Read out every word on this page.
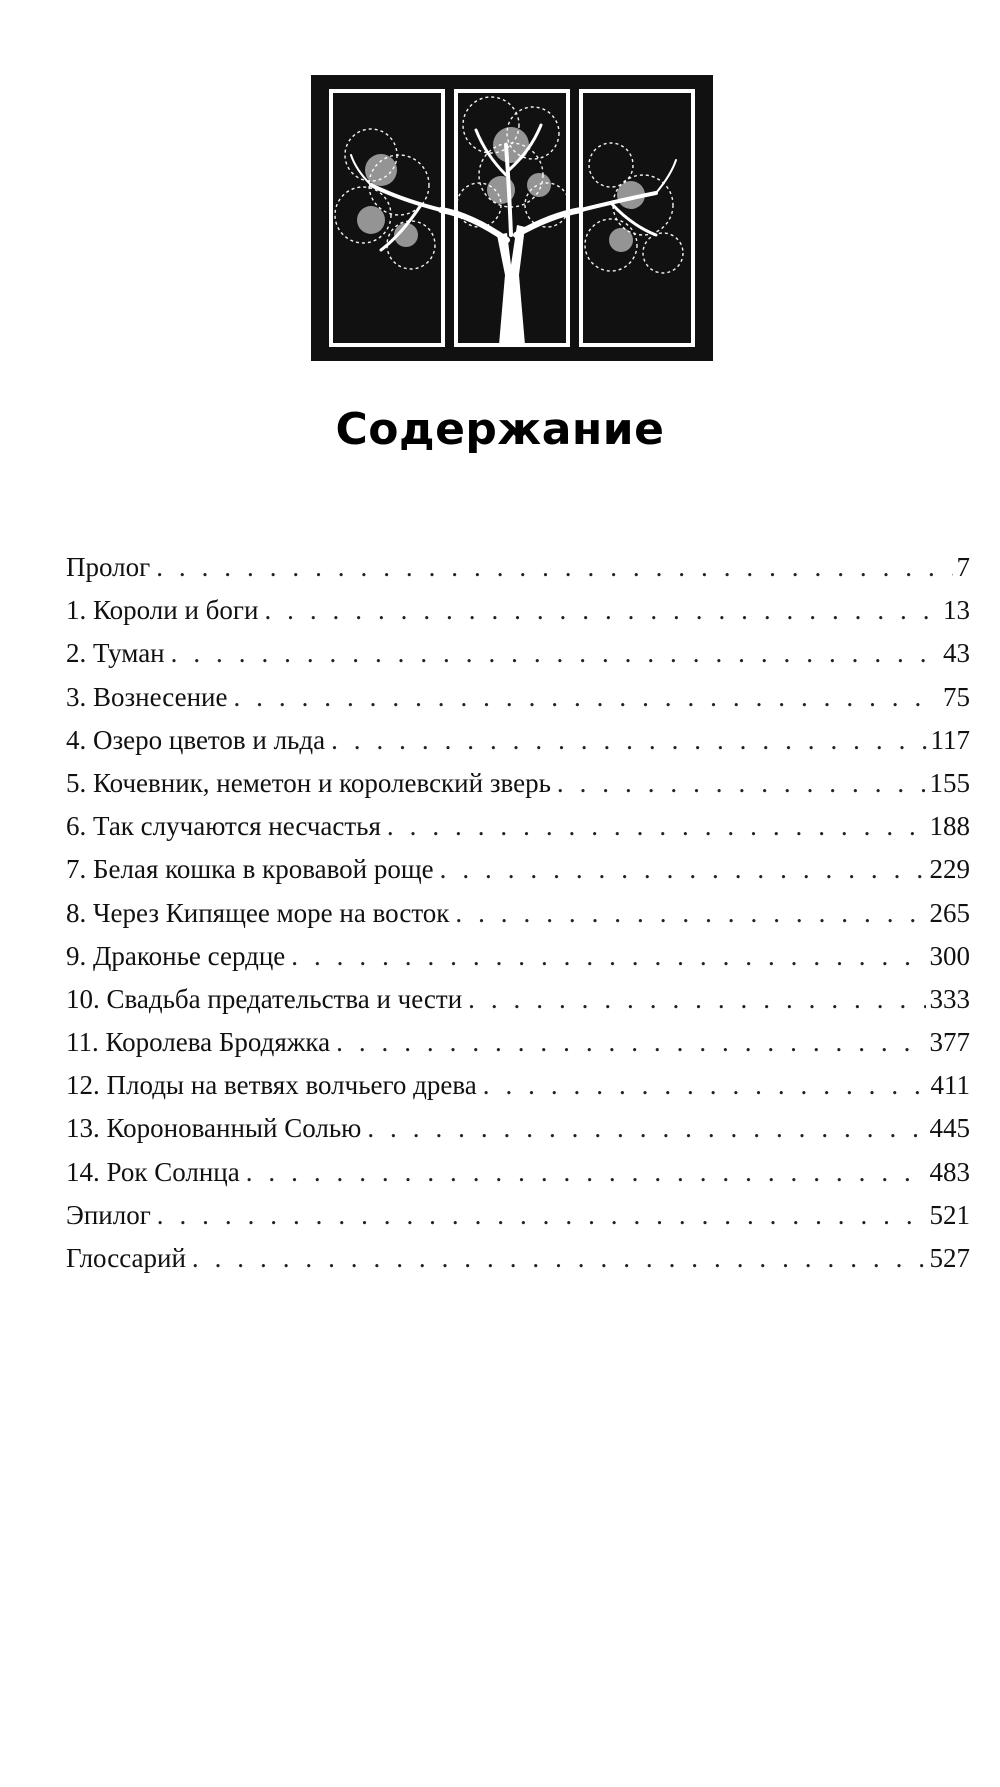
Содержание
Пролог . . .	7
1. Короли и боги . . .	13
2. Туман . . .	43
3. Вознесение . . .	75
4. Озеро цветов и льда . . .	117
5. Кочевник, неметон и королевский зверь . . .	155
6. Так случаются несчастья . . .	188
7. Белая кошка в кровавой роще . . .	229
8. Через Кипящее море на восток . . .	265
9. Драконье сердце . . .	300
10. Свадьба предательства и чести . . .	333
11. Королева Бродяжка . . .	377
12. Плоды на ветвях волчьего древа . . .	411
13. Коронованный Солью . . .	445
14. Рок Солнца . . .	483
Эпилог . . .	521
Глоссарий . . .	527
